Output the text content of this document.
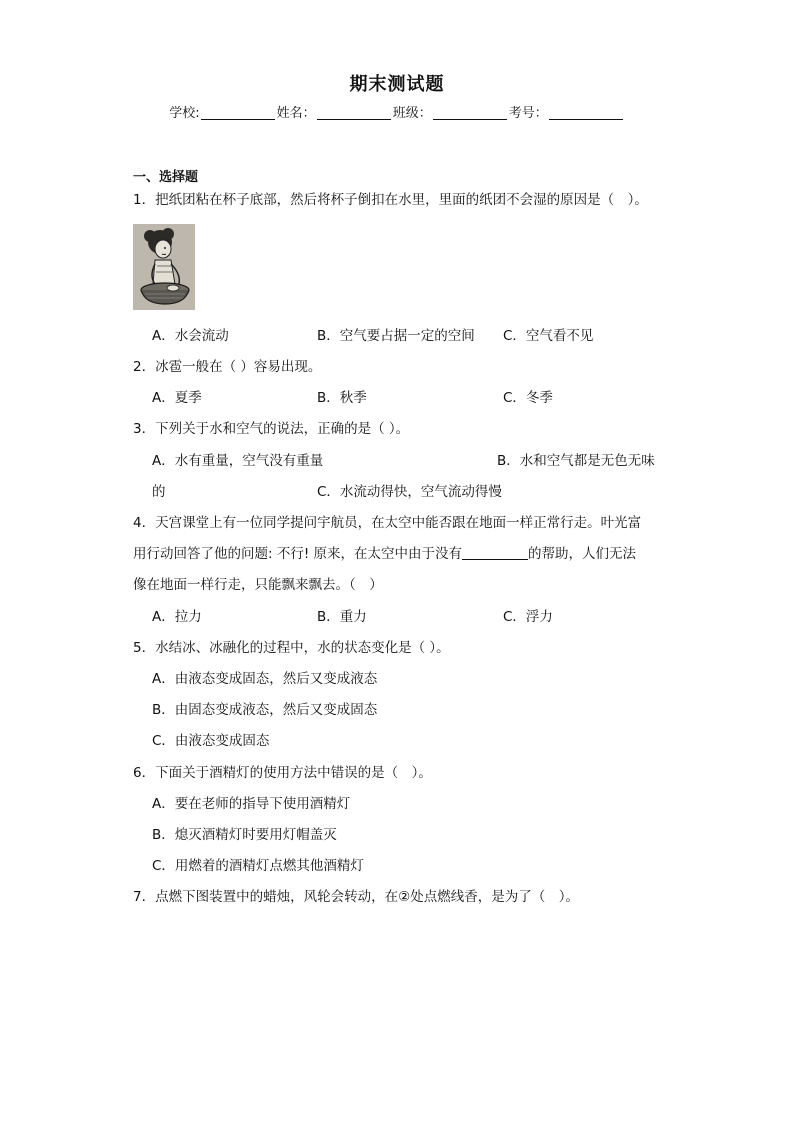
期末测试题
学校:	姓名：	班级：	考号：
一、选择题
1．把纸团粘在杯子底部，然后将杯子倒扣在水里，里面的纸团不会湿的原因是（　）。
A．水会流动	B．空气要占据一定的空间 C．空气看不见
2．冰雹一般在（ ）容易出现。
A．夏季	B．秋季	C．冬季
3．下列关于水和空气的说法，正确的是（ ）。
A．水有重量，空气没有重量	B．水和空气都是无色无味
的	C．水流动得快，空气流动得慢
4．天宫课堂上有一位同学提问宇航员，在太空中能否跟在地面一样正常行走。叶光富
用行动回答了他的问题: 不行! 原来，在太空中由于没有	的帮助，人们无法
像在地面一样行走，只能飘来飘去。（　）
A．拉力	B．重力	C．浮力
5．水结冰、冰融化的过程中，水的状态变化是（ ）。
A．由液态变成固态，然后又变成液态
B．由固态变成液态，然后又变成固态
C．由液态变成固态
6．下面关于酒精灯的使用方法中错误的是（　）。
A．要在老师的指导下使用酒精灯
B．熄灭酒精灯时要用灯帽盖灭
C．用燃着的酒精灯点燃其他酒精灯
7．点燃下图装置中的蜡烛，风轮会转动，在②处点燃线香，是为了（　）。
